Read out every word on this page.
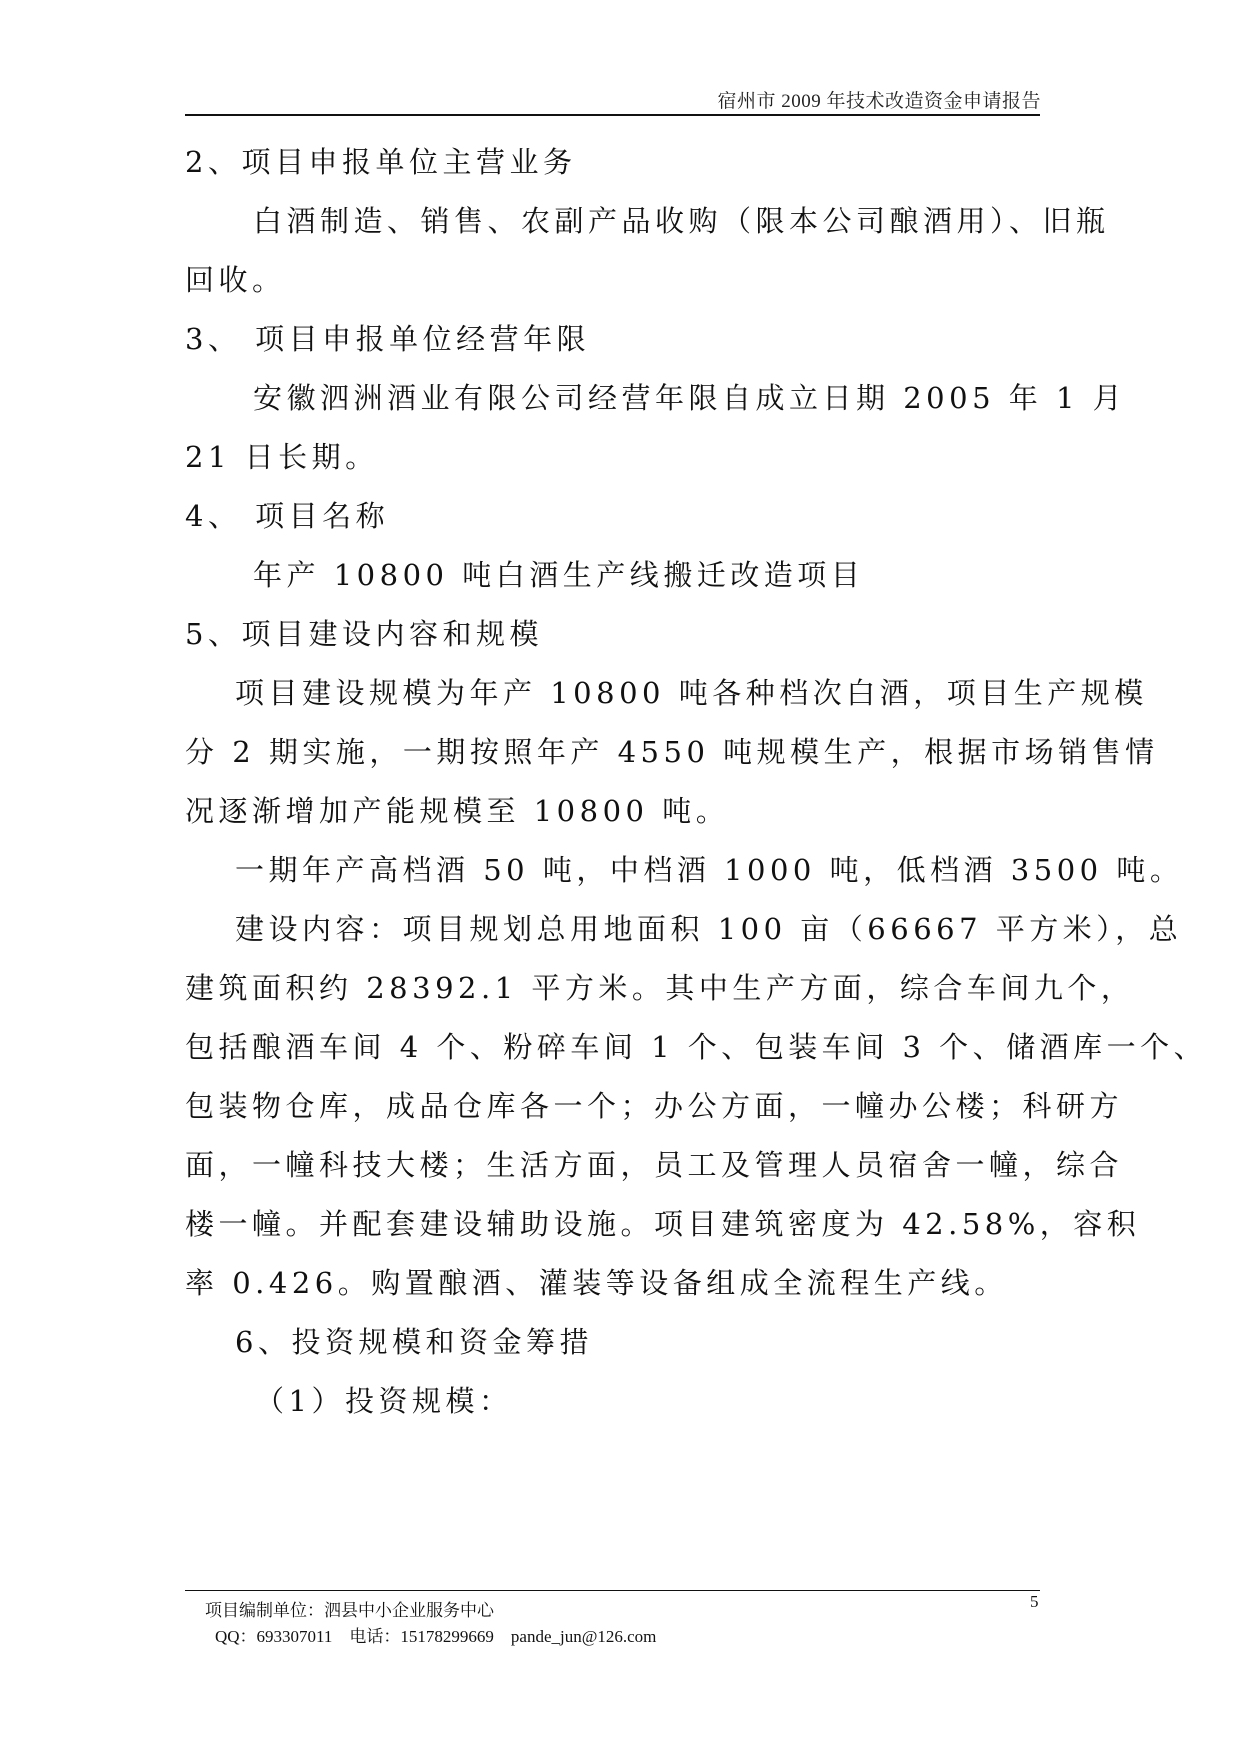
宿州市 2009 年技术改造资金申请报告
2、项目申报单位主营业务
白酒制造、销售、农副产品收购（限本公司酿酒用）、旧瓶
回收。
3、 项目申报单位经营年限
安徽泗洲酒业有限公司经营年限自成立日期 2005 年 1 月
21 日长期。
4、 项目名称
年产 10800 吨白酒生产线搬迁改造项目
5、项目建设内容和规模
项目建设规模为年产 10800 吨各种档次白酒，项目生产规模
分 2 期实施，一期按照年产 4550 吨规模生产，根据市场销售情
况逐渐增加产能规模至 10800 吨。
一期年产高档酒 50 吨，中档酒 1000 吨，低档酒 3500 吨。
建设内容：项目规划总用地面积 100 亩（66667 平方米），总
建筑面积约 28392.1 平方米。其中生产方面，综合车间九个，
包括酿酒车间 4 个、粉碎车间 1 个、包装车间 3 个、储酒库一个、
包装物仓库，成品仓库各一个；办公方面，一幢办公楼；科研方
面，一幢科技大楼；生活方面，员工及管理人员宿舍一幢，综合
楼一幢。并配套建设辅助设施。项目建筑密度为 42.58%，容积
率 0.426。购置酿酒、灌装等设备组成全流程生产线。
6、投资规模和资金筹措
（1）投资规模：
项目编制单位：泗县中小企业服务中心	5
QQ：693307011    电话：15178299669    pande_jun@126.com
